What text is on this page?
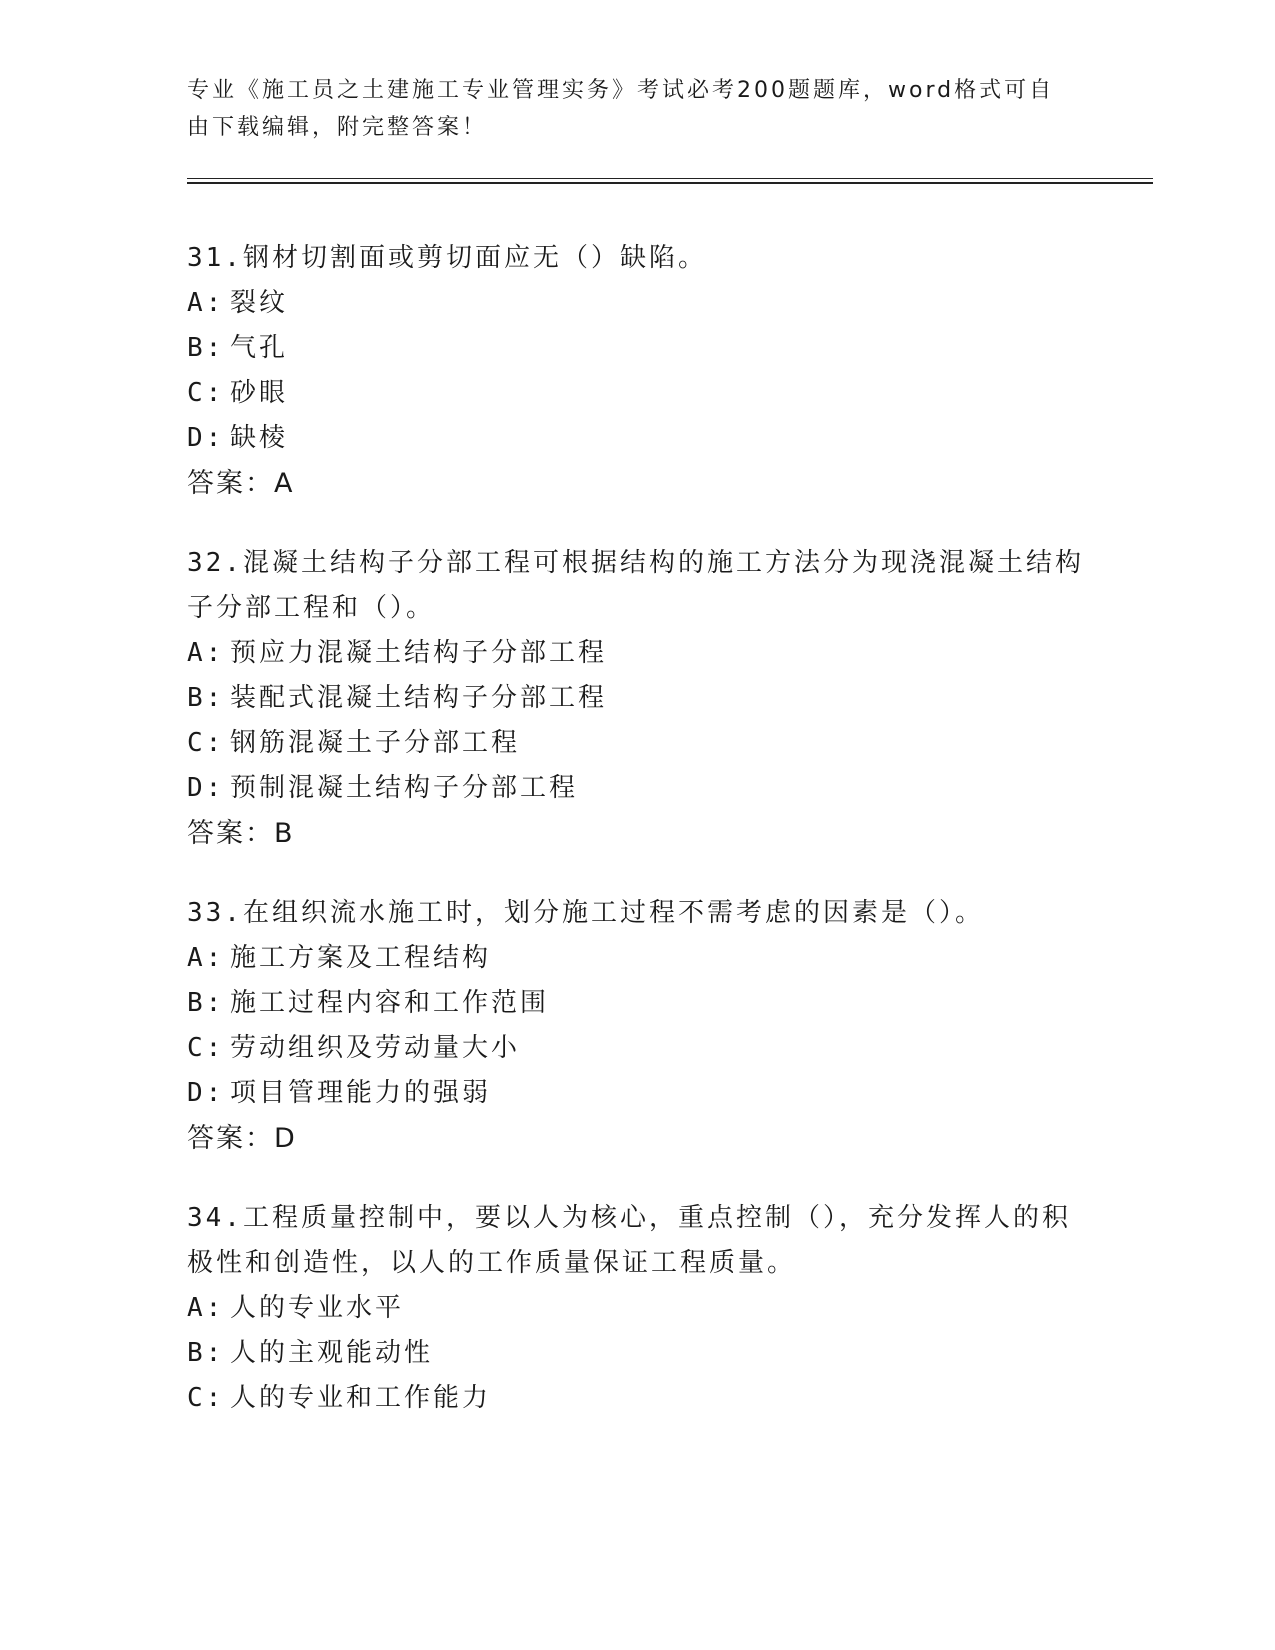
专业《施工员之土建施工专业管理实务》考试必考200题题库，word格式可自由下载编辑，附完整答案！
31.钢材切割面或剪切面应无（）缺陷。
A: 裂纹
B: 气孔
C: 砂眼
D: 缺棱
答案：A
32.混凝土结构子分部工程可根据结构的施工方法分为现浇混凝土结构子分部工程和（）。
A: 预应力混凝土结构子分部工程
B: 装配式混凝土结构子分部工程
C: 钢筋混凝土子分部工程
D: 预制混凝土结构子分部工程
答案：B
33.在组织流水施工时，划分施工过程不需考虑的因素是（）。
A: 施工方案及工程结构
B: 施工过程内容和工作范围
C: 劳动组织及劳动量大小
D: 项目管理能力的强弱
答案：D
34.工程质量控制中，要以人为核心，重点控制（），充分发挥人的积极性和创造性，以人的工作质量保证工程质量。
A: 人的专业水平
B: 人的主观能动性
C: 人的专业和工作能力
